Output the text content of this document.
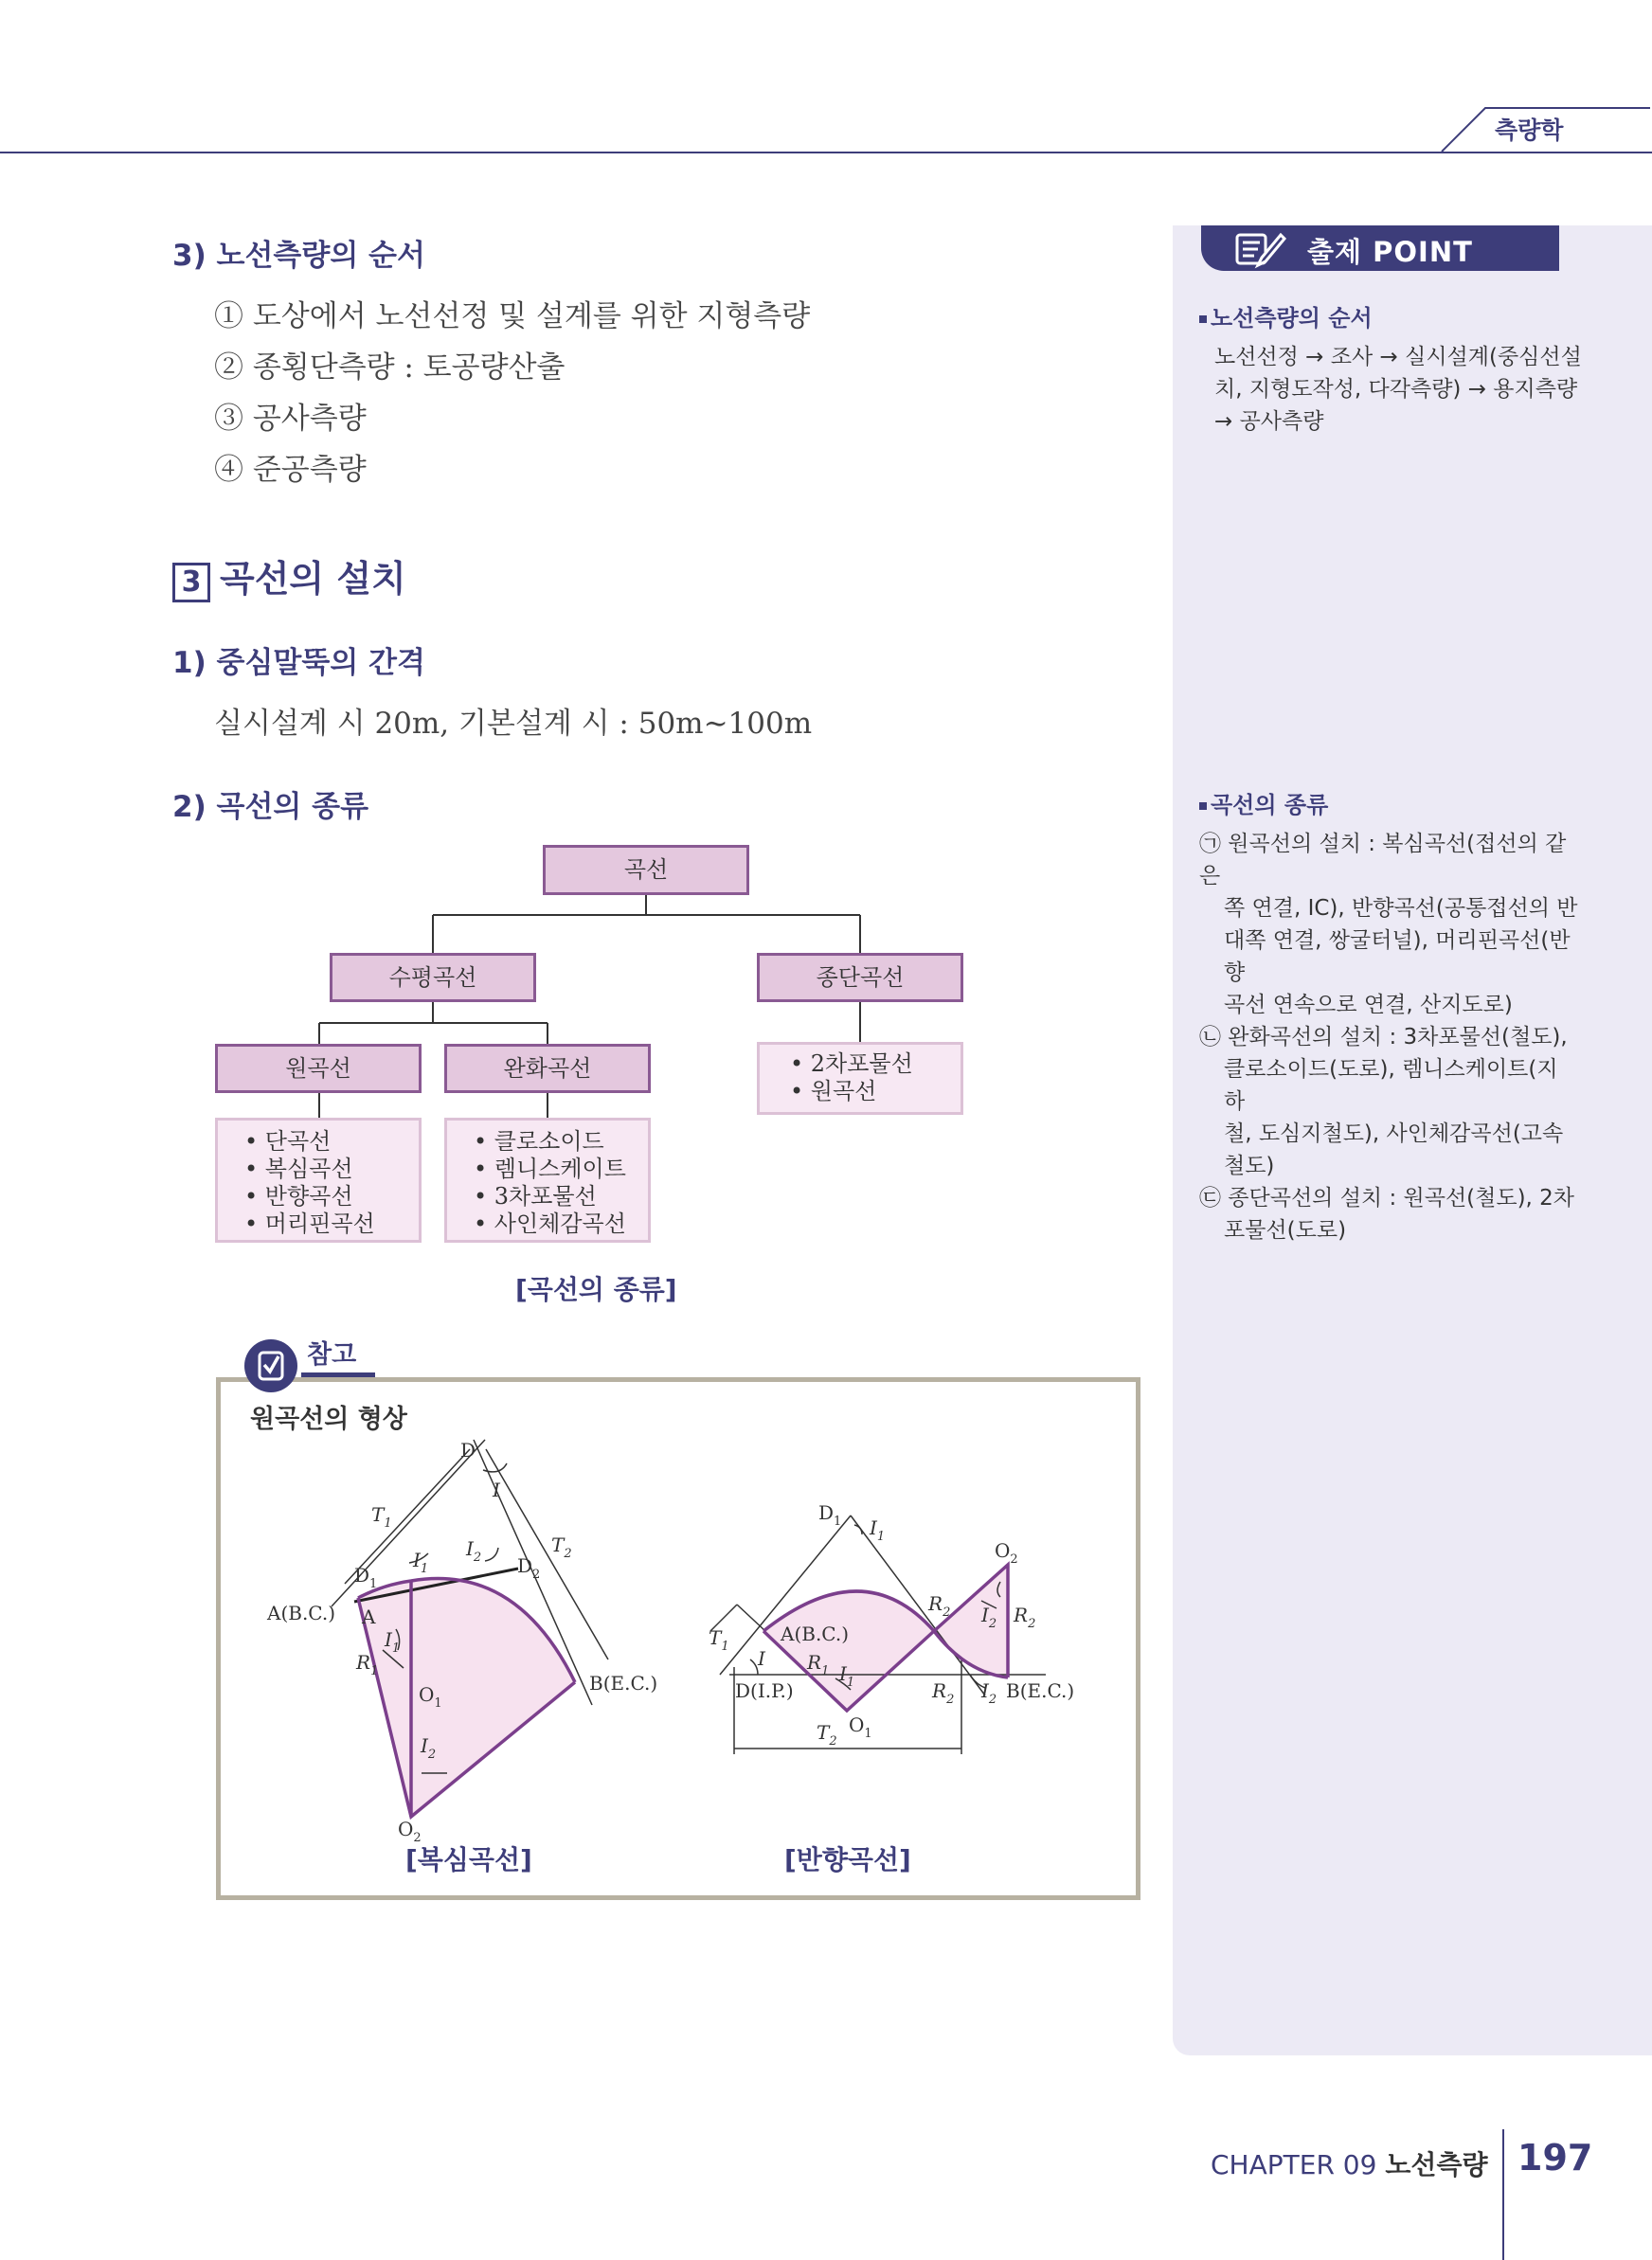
측량학
출제 POINT
노선측량의 순서
노선선정 → 조사 → 실시설계(중심선설
치, 지형도작성, 다각측량) → 용지측량
→ 공사측량
곡선의 종류
㉠ 원곡선의 설치 : 복심곡선(접선의 같은
쪽 연결, IC), 반향곡선(공통접선의 반
대쪽 연결, 쌍굴터널), 머리핀곡선(반향
곡선 연속으로 연결, 산지도로)
㉡ 완화곡선의 설치 : 3차포물선(철도),
클로소이드(도로), 렘니스케이트(지하
철, 도심지철도), 사인체감곡선(고속
철도)
㉢ 종단곡선의 설치 : 원곡선(철도), 2차
포물선(도로)
3) 노선측량의 순서
① 도상에서 노선선정 및 설계를 위한 지형측량
② 종횡단측량 : 토공량산출
③ 공사측량
④ 준공측량
3 곡선의 설치
1) 중심말뚝의 간격
실시설계 시 20m, 기본설계 시 : 50m∼100m
2) 곡선의 종류
곡선
수평곡선	종단곡선
원곡선	완화곡선	• 2차포물선
• 원곡선
• 단곡선
• 복심곡선
• 반향곡선
• 머리핀곡선
• 클로소이드
• 렘니스케이트
• 3차포물선
• 사인체감곡선
[곡선의 종류]
참고
원곡선의 형상
D
I
$T_1$
$T_2$
$D_1$
$D_2$
$I_1$
$I_2$
A(B.C.) A
$I_1$
$R_1$
$O_1$
B(E.C.)
$I_2$
$O_2$
[복심곡선]
$D_1$ $I_1$
$O_2$
$R_2$ $I_2$ $R_2$
$T_1$
I
A(B.C.)
$R_1$ $I_1$
D(I.P.)	$R_2$ $I_2$ B(E.C.)
$T_2$
$O_1$
[반향곡선]
CHAPTER 09 노선측량 197
